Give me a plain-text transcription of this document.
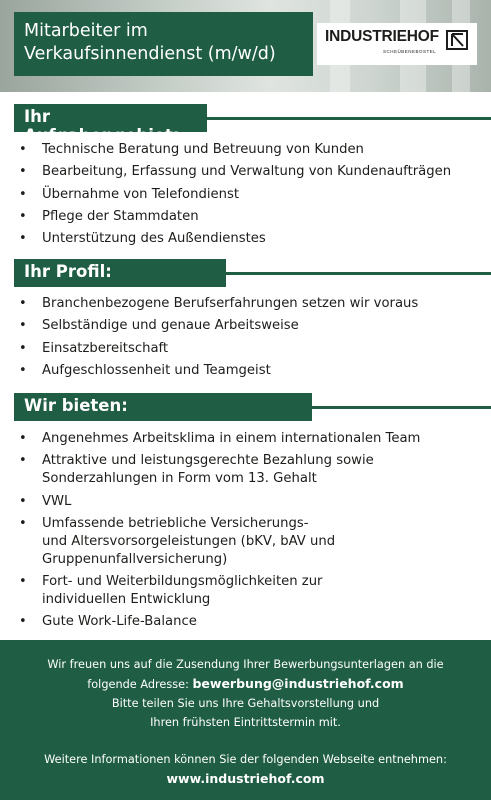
Mitarbeiter im
Verkaufsinnendienst (m/w/d)
INDUSTRIEHOF
SCHEÜBENEBOSTEL
Ihr Aufgabengebiet:
• Technische Beratung und Betreuung von Kunden
• Bearbeitung, Erfassung und Verwaltung von Kundenaufträgen
• Übernahme von Telefondienst
• Pflege der Stammdaten
• Unterstützung des Außendienstes
Ihr Profil:
• Branchenbezogene Berufserfahrungen setzen wir voraus
• Selbständige und genaue Arbeitsweise
• Einsatzbereitschaft
• Aufgeschlossenheit und Teamgeist
Wir bieten:
• Angenehmes Arbeitsklima in einem internationalen Team
• Attraktive und leistungsgerechte Bezahlung sowie
Sonderzahlungen in Form vom 13. Gehalt
• VWL
• Umfassende betriebliche Versicherungs-
und Altersvorsorgeleistungen (bKV, bAV und
Gruppenunfallversicherung)
• Fort- und Weiterbildungsmöglichkeiten zur
individuellen Entwicklung
• Gute Work-Life-Balance
Wir freuen uns auf die Zusendung Ihrer Bewerbungsunterlagen an die
folgende Adresse: bewerbung@industriehof.com
Bitte teilen Sie uns Ihre Gehaltsvorstellung und
Ihren frühsten Eintrittstermin mit.
Weitere Informationen können Sie der folgenden Webseite entnehmen:
www.industriehof.com
